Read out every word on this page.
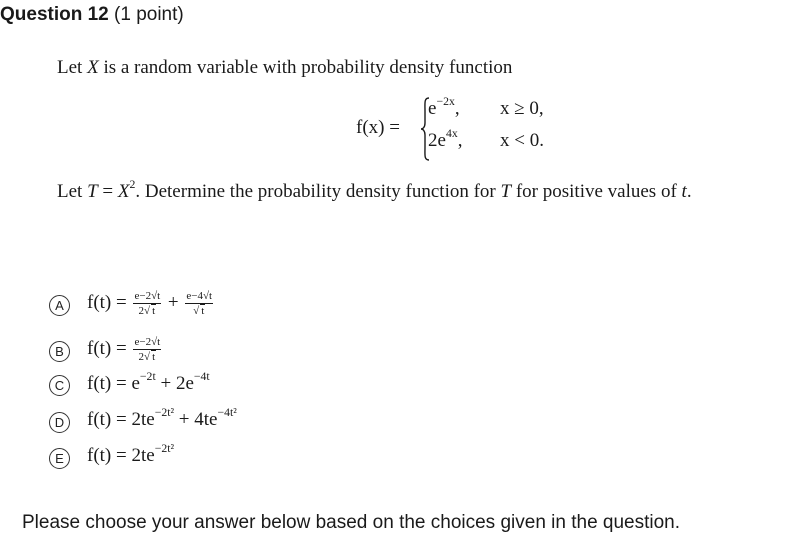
Question 12 (1 point)
Let X is a random variable with probability density function
f(x) =
$e^{-2x}$, x ≥ 0,
$2e^{4x}$, x < 0.
Let $T = X^2$. Determine the probability density function for T for positive values of t.
A	$f(t) = \frac{e-2√t}{2√ t} + \frac{e-4√t}{√ t}$
B	$f(t) = \frac{e-2√t}{2√ t}$
C	$f(t) = e^{-2t} + 2e^{-4t}$
D	$f(t) = 2te^{-2t^2} + 4te^{-4t^2}$
E	$f(t) = 2te^{-2t^2}$
Please choose your answer below based on the choices given in the question.
